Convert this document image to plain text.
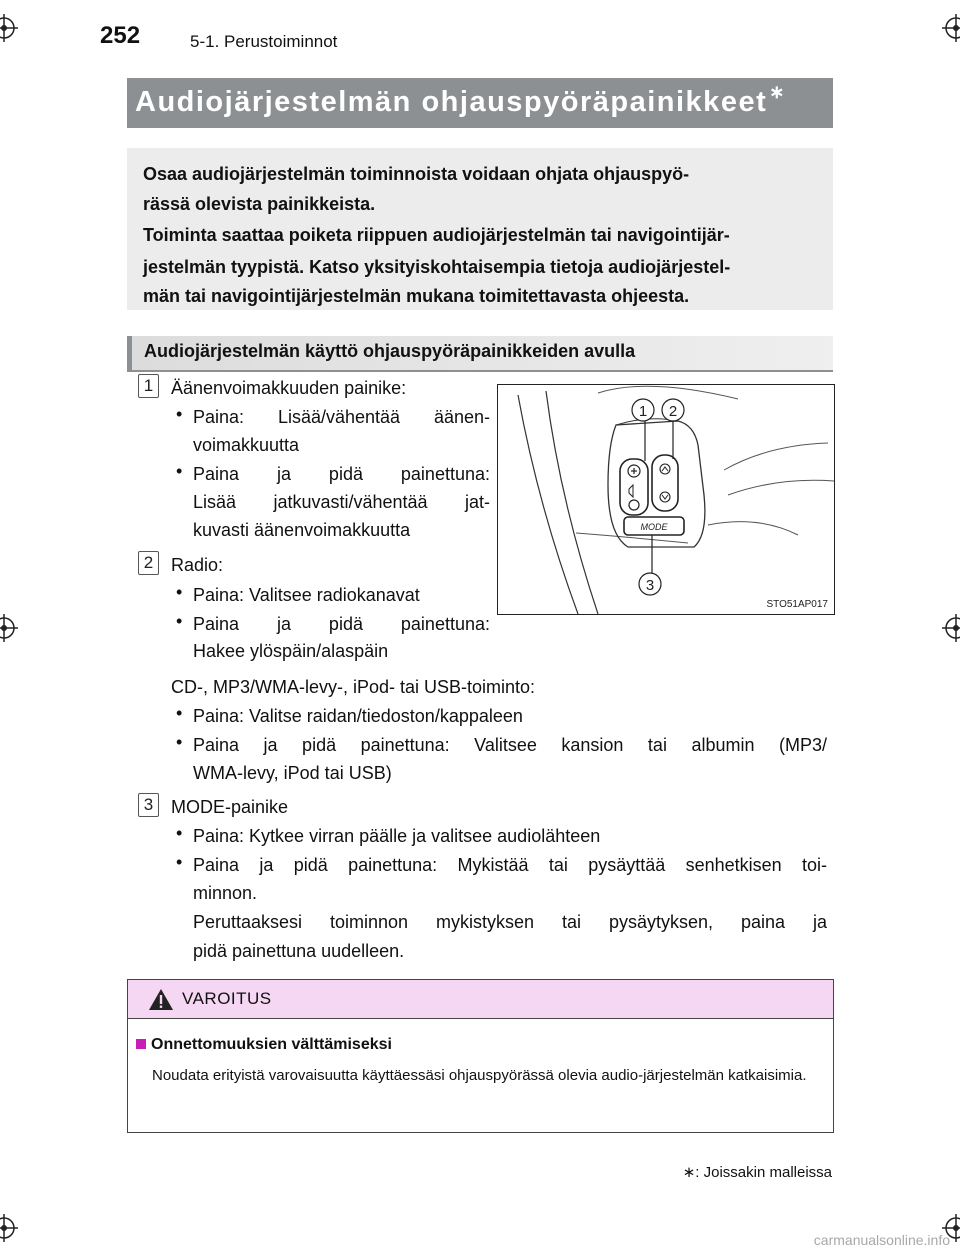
252	5-1. Perustoiminnot
Audiojärjestelmän ohjauspyöräpainikkeet ∗

Osaa audiojärjestelmän toiminnoista voidaan ohjata ohjauspyö-

rässä olevista painikkeista.

Toiminta saattaa poiketa riippuen audiojärjestelmän tai navigointijär-

jestelmän tyypistä. Katso yksityiskohtaisempia tietoja audiojärjestel-

män tai navigointijärjestelmän mukana toimitettavasta ohjeesta.

Audiojärjestelmän käyttö ohjauspyöräpainikkeiden avulla
1 Äänenvoimakkuuden painike:
• Paina: Lisää/vähentää äänen-
voimakkuutta
• Paina ja pidä painettuna:
Lisää jatkuvasti/vähentää jat-
kuvasti äänenvoimakkuutta
2 Radio:
• Paina: Valitsee radiokanavat
• Paina ja pidä painettuna:
Hakee ylöspäin/alaspäin
CD-, MP3/WMA-levy-, iPod- tai USB-toiminto:
• Paina: Valitse raidan/tiedoston/kappaleen
• Paina ja pidä painettuna: Valitsee kansion tai albumin (MP3/
WMA-levy, iPod tai USB)
3 MODE-painike
• Paina: Kytkee virran päälle ja valitsee audiolähteen
• Paina ja pidä painettuna: Mykistää tai pysäyttää senhetkisen toi-
minnon.
Peruttaaksesi toiminnon mykistyksen tai pysäytyksen, paina ja
pidä painettuna uudelleen.
MODE
1 2
3
STO51AP017
VAROITUS
Onnettomuuksien välttämiseksi
Noudata erityistä varovaisuutta käyttäessäsi ohjauspyörässä olevia audio-järjestelmän katkaisimia.
∗: Joissakin malleissa
carmanualsonline.info
